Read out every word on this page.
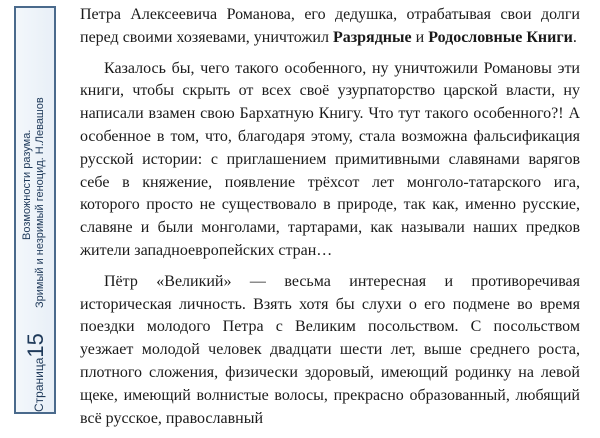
Возможности разума. Зримый и незримый геноцид. Н.Левашов
Страница15

Петра Алексеевича Романова, его дедушка, отрабатывая свои долги перед своими хозяевами, уничтожил Разрядные и Родословные Книги.

Казалось бы, чего такого особенного, ну уничтожили Романовы эти книги, чтобы скрыть от всех своё узурпаторство царской власти, ну написали взамен свою Бархатную Книгу. Что тут такого особенного?! А особенное в том, что, благодаря этому, стала возможна фальсификация русской истории: с приглашением примитивными славянами варягов себе в княжение, появление трёхсот лет монголо-татарского ига, которого просто не существовало в природе, так как, именно русские, славяне и были монголами, тартарами, как называли наших предков жители западноевропейских стран…

Пётр «Великий» — весьма интересная и противоречивая историческая личность. Взять хотя бы слухи о его подмене во время поездки молодого Петра с Великим посольством. С посольством уезжает молодой человек двадцати шести лет, выше среднего роста, плотного сложения, физически здоровый, имеющий родинку на левой щеке, имеющий волнистые волосы, прекрасно образованный, любящий всё русское, православный
